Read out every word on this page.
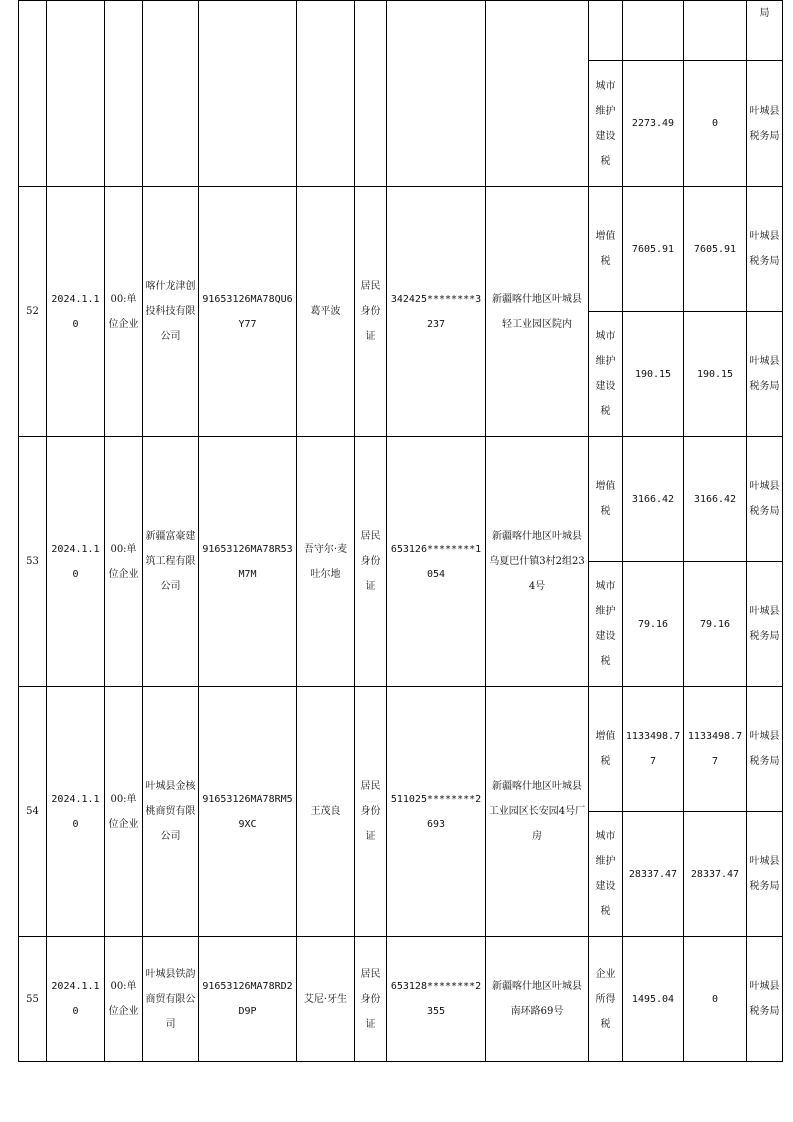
												局
									城市维护建设税	2273.49	0	叶城县税务局
52	2024.1.10	00:单位企业	喀什龙津创投科技有限公司	91653126MA78QU6Y77	葛平波	居民身份证	342425********3237	新疆喀什地区叶城县轻工业园区院内	增值税	7605.91	7605.91	叶城县税务局
									城市维护建设税	190.15	190.15	叶城县税务局
53	2024.1.10	00:单位企业	新疆富豪建筑工程有限公司	91653126MA78R53M7M	吾守尔·麦吐尔地	居民身份证	653126********1054	新疆喀什地区叶城县乌夏巴什镇3村2组234号	增值税	3166.42	3166.42	叶城县税务局
									城市维护建设税	79.16	79.16	叶城县税务局
54	2024.1.10	00:单位企业	叶城县金核桃商贸有限公司	91653126MA78RM59XC	王茂良	居民身份证	511025********2693	新疆喀什地区叶城县工业园区长安园4号厂房	增值税	1133498.77	1133498.77	叶城县税务局
									城市维护建设税	28337.47	28337.47	叶城县税务局
55	2024.1.10	00:单位企业	叶城县铁韵商贸有限公司	91653126MA78RD2D9P	艾尼·牙生	居民身份证	653128********2355	新疆喀什地区叶城县南环路69号	企业所得税	1495.04	0	叶城县税务局
